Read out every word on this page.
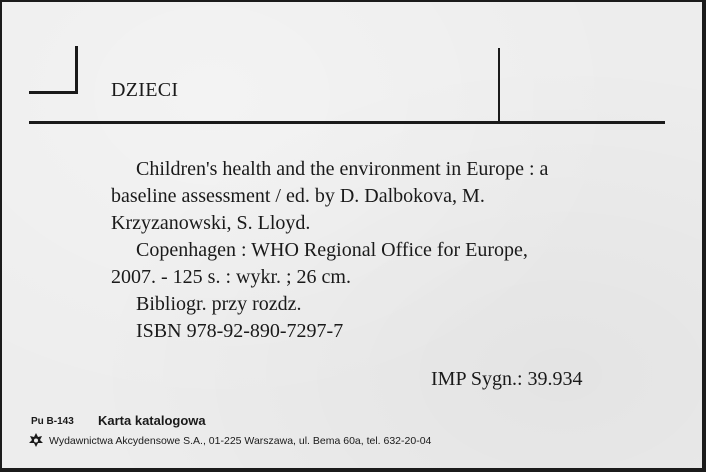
DZIECI
Children's health and the environment in Europe : a
baseline assessment / ed. by D. Dalbokova, M.
Krzyzanowski, S. Lloyd.
Copenhagen : WHO Regional Office for Europe,
2007. - 125 s. : wykr. ; 26 cm.
Bibliogr. przy rozdz.
ISBN 978-92-890-7297-7
IMP Sygn.: 39.934
Pu B-143 Karta katalogowa
Wydawnictwa Akcydensowe S.A., 01-225 Warszawa, ul. Bema 60a, tel. 632-20-04
